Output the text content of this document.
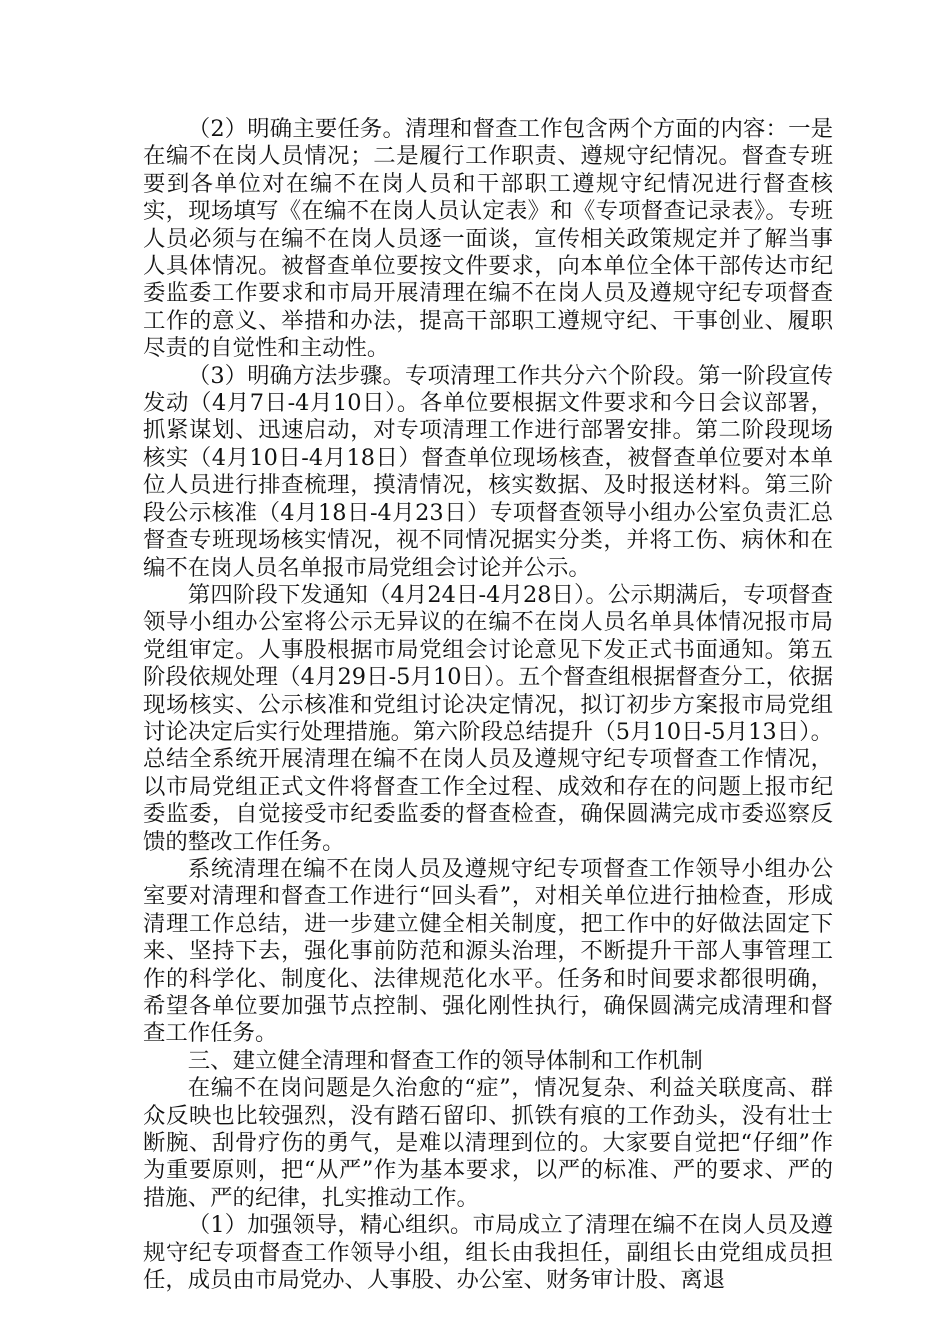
（2）明确主要任务。清理和督查工作包含两个方面的内容：一是在编不在岗人员情况；二是履行工作职责、遵规守纪情况。督查专班要到各单位对在编不在岗人员和干部职工遵规守纪情况进行督查核实，现场填写《在编不在岗人员认定表》和《专项督查记录表》。专班人员必须与在编不在岗人员逐一面谈，宣传相关政策规定并了解当事人具体情况。被督查单位要按文件要求，向本单位全体干部传达市纪委监委工作要求和市局开展清理在编不在岗人员及遵规守纪专项督查工作的意义、举措和办法，提高干部职工遵规守纪、干事创业、履职尽责的自觉性和主动性。

（3）明确方法步骤。专项清理工作共分六个阶段。第一阶段宣传发动（4月7日-4月10日）。各单位要根据文件要求和今日会议部署，抓紧谋划、迅速启动，对专项清理工作进行部署安排。第二阶段现场核实（4月10日-4月18日）督查单位现场核查，被督查单位要对本单位人员进行排查梳理，摸清情况，核实数据、及时报送材料。第三阶段公示核准（4月18日-4月23日）专项督查领导小组办公室负责汇总督查专班现场核实情况，视不同情况据实分类，并将工伤、病休和在编不在岗人员名单报市局党组会讨论并公示。

第四阶段下发通知（4月24日-4月28日）。公示期满后，专项督查领导小组办公室将公示无异议的在编不在岗人员名单具体情况报市局党组审定。人事股根据市局党组会讨论意见下发正式书面通知。第五阶段依规处理（4月29日-5月10日）。五个督查组根据督查分工，依据现场核实、公示核准和党组讨论决定情况，拟订初步方案报市局党组讨论决定后实行处理措施。第六阶段总结提升（5月10日-5月13日）。总结全系统开展清理在编不在岗人员及遵规守纪专项督查工作情况，以市局党组正式文件将督查工作全过程、成效和存在的问题上报市纪委监委，自觉接受市纪委监委的督查检查，确保圆满完成市委巡察反馈的整改工作任务。

系统清理在编不在岗人员及遵规守纪专项督查工作领导小组办公室要对清理和督查工作进行“回头看”，对相关单位进行抽检查，形成清理工作总结，进一步建立健全相关制度，把工作中的好做法固定下来、坚持下去，强化事前防范和源头治理，不断提升干部人事管理工作的科学化、制度化、法律规范化水平。任务和时间要求都很明确，希望各单位要加强节点控制、强化刚性执行，确保圆满完成清理和督查工作任务。

三、建立健全清理和督查工作的领导体制和工作机制

在编不在岗问题是久治愈的“症”，情况复杂、利益关联度高、群众反映也比较强烈，没有踏石留印、抓铁有痕的工作劲头，没有壮士断腕、刮骨疗伤的勇气，是难以清理到位的。大家要自觉把“仔细”作为重要原则，把“从严”作为基本要求，以严的标准、严的要求、严的措施、严的纪律，扎实推动工作。

（1）加强领导，精心组织。市局成立了清理在编不在岗人员及遵规守纪专项督查工作领导小组，组长由我担任，副组长由党组成员担任，成员由市局党办、人事股、办公室、财务审计股、离退
